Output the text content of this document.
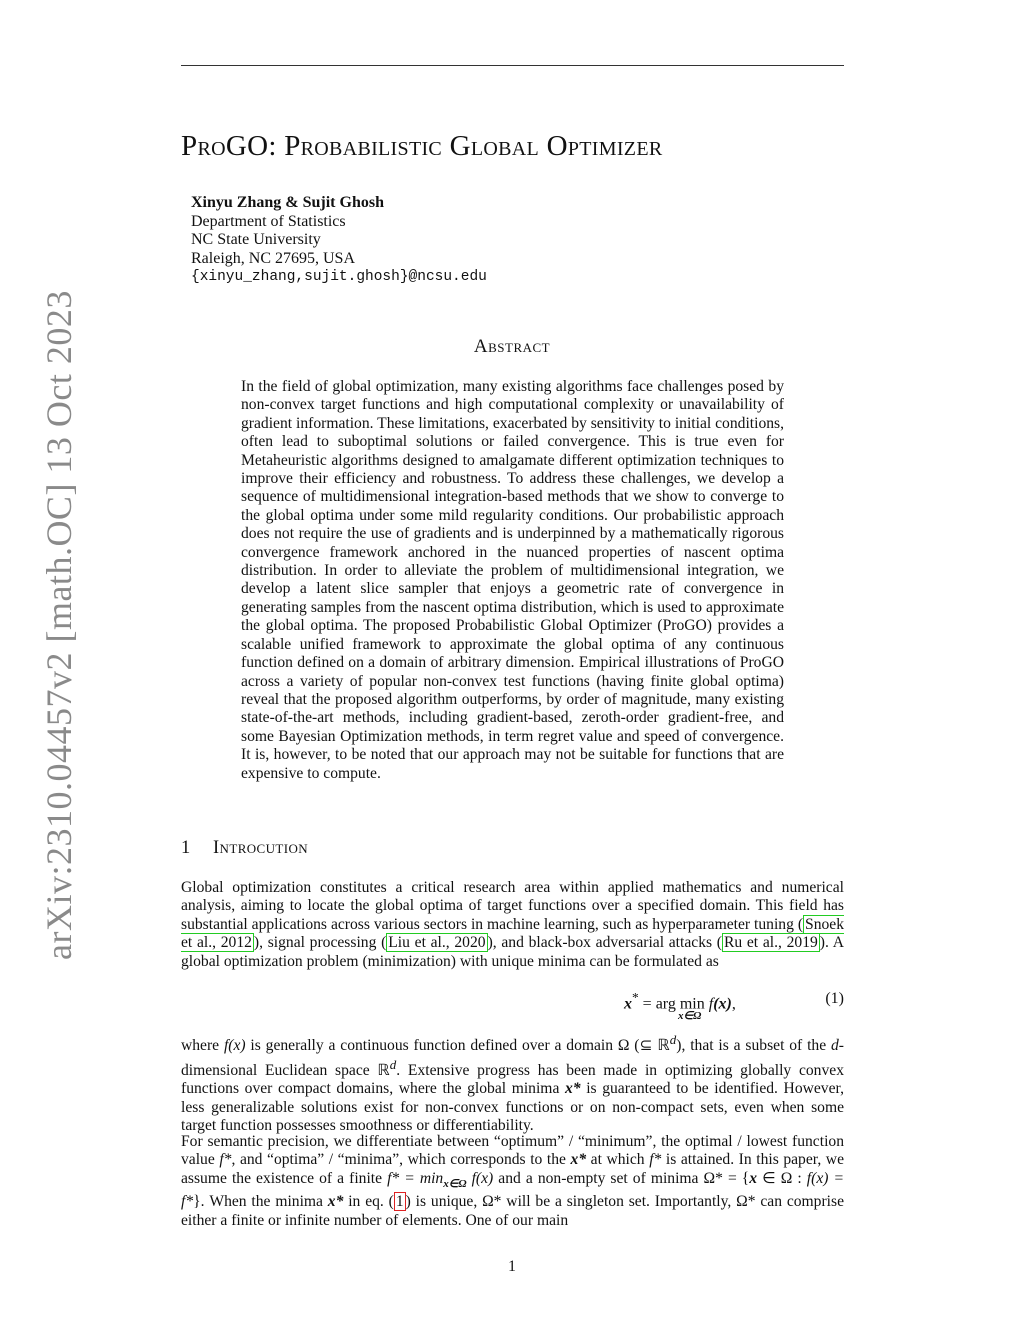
arXiv:2310.04457v2 [math.OC] 13 Oct 2023
ProGO: Probabilistic Global Optimizer
Xinyu Zhang & Sujit Ghosh
Department of Statistics
NC State University
Raleigh, NC 27695, USA
{xinyu_zhang,sujit.ghosh}@ncsu.edu
Abstract
In the field of global optimization, many existing algorithms face challenges posed by non-convex target functions and high computational complexity or unavailability of gradient information. These limitations, exacerbated by sensitivity to initial conditions, often lead to suboptimal solutions or failed convergence. This is true even for Metaheuristic algorithms designed to amalgamate different optimization techniques to improve their efficiency and robustness. To address these challenges, we develop a sequence of multidimensional integration-based methods that we show to converge to the global optima under some mild regularity conditions. Our probabilistic approach does not require the use of gradients and is underpinned by a mathematically rigorous convergence framework anchored in the nuanced properties of nascent optima distribution. In order to alleviate the problem of multidimensional integration, we develop a latent slice sampler that enjoys a geometric rate of convergence in generating samples from the nascent optima distribution, which is used to approximate the global optima. The proposed Probabilistic Global Optimizer (ProGO) provides a scalable unified framework to approximate the global optima of any continuous function defined on a domain of arbitrary dimension. Empirical illustrations of ProGO across a variety of popular non-convex test functions (having finite global optima) reveal that the proposed algorithm outperforms, by order of magnitude, many existing state-of-the-art methods, including gradient-based, zeroth-order gradient-free, and some Bayesian Optimization methods, in term regret value and speed of convergence. It is, however, to be noted that our approach may not be suitable for functions that are expensive to compute.
1 Introcution
Global optimization constitutes a critical research area within applied mathematics and numerical analysis, aiming to locate the global optima of target functions over a specified domain. This field has substantial applications across various sectors in machine learning, such as hyperparameter tuning ( Snoek et al., 2012 ), signal processing ( Liu et al., 2020 ), and black-box adversarial attacks ( Ru et al., 2019 ). A global optimization problem (minimization) with unique minima can be formulated as
x* = arg min f(x),
x∈Ω
(1)
where f(x) is generally a continuous function defined over a domain Ω (⊆ ℝ$^d$), that is a subset of the d-dimensional Euclidean space ℝ$^d$. Extensive progress has been made in optimizing globally convex functions over compact domains, where the global minima x* is guaranteed to be identified. However, less generalizable solutions exist for non-convex functions or on non-compact sets, even when some target function possesses smoothness or differentiability.
For semantic precision, we differentiate between “optimum” / “minimum”, the optimal / lowest function value f*, and “optima” / “minima”, which corresponds to the x* at which f* is attained. In this paper, we assume the existence of a finite $f* = \min_{x\in\Omega} f(x)$ and a non-empty set of minima Ω* = {x ∈ Ω : f(x) = f*}. When the minima x* in eq. ( 1 ) is unique, Ω* will be a singleton set. Importantly, Ω* can comprise either a finite or infinite number of elements. One of our main
1
